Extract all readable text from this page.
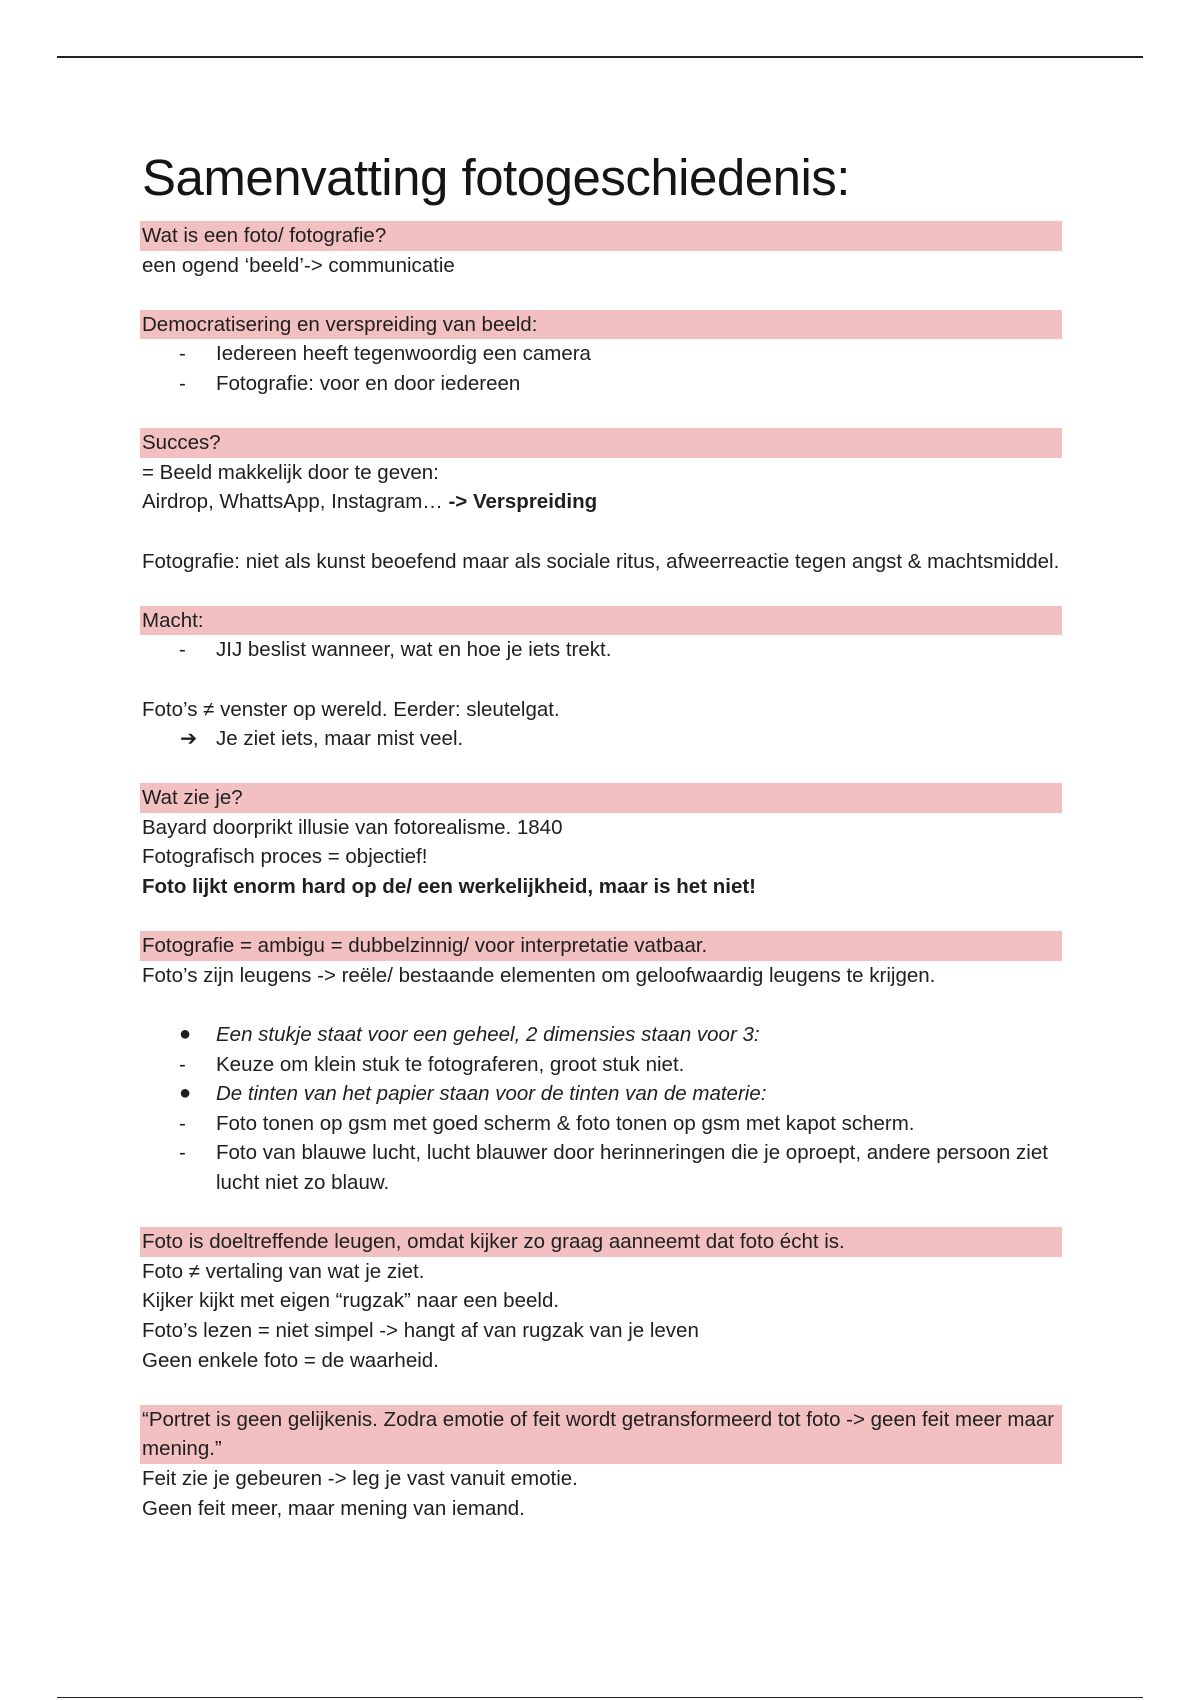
Samenvatting fotogeschiedenis:
Wat is een foto/ fotografie?
een ogend ‘beeld’-> communicatie
Democratisering en verspreiding van beeld:
-	Iedereen heeft tegenwoordig een camera
-	Fotografie: voor en door iedereen
Succes?
= Beeld makkelijk door te geven:
Airdrop, WhattsApp, Instagram… -> Verspreiding
Fotografie: niet als kunst beoefend maar als sociale ritus, afweerreactie tegen angst & machtsmiddel.
Macht:
-	JIJ beslist wanneer, wat en hoe je iets trekt.
Foto’s ≠ venster op wereld. Eerder: sleutelgat.
➔ Je ziet iets, maar mist veel.
Wat zie je?
Bayard doorprikt illusie van fotorealisme. 1840
Fotografisch proces = objectief!
Foto lijkt enorm hard op de/ een werkelijkheid, maar is het niet!
Fotografie = ambigu = dubbelzinnig/ voor interpretatie vatbaar.
Foto’s zijn leugens -> reële/ bestaande elementen om geloofwaardig leugens te krijgen.
●	Een stukje staat voor een geheel, 2 dimensies staan voor 3:
-	Keuze om klein stuk te fotograferen, groot stuk niet.
●	De tinten van het papier staan voor de tinten van de materie:
-	Foto tonen op gsm met goed scherm & foto tonen op gsm met kapot scherm.
-	Foto van blauwe lucht, lucht blauwer door herinneringen die je oproept, andere persoon ziet lucht niet zo blauw.
Foto is doeltreffende leugen, omdat kijker zo graag aanneemt dat foto écht is.
Foto ≠ vertaling van wat je ziet.
Kijker kijkt met eigen “rugzak” naar een beeld.
Foto’s lezen = niet simpel -> hangt af van rugzak van je leven
Geen enkele foto = de waarheid.
“Portret is geen gelijkenis. Zodra emotie of feit wordt getransformeerd tot foto -> geen feit meer maar mening.”
Feit zie je gebeuren -> leg je vast vanuit emotie.
Geen feit meer, maar mening van iemand.
